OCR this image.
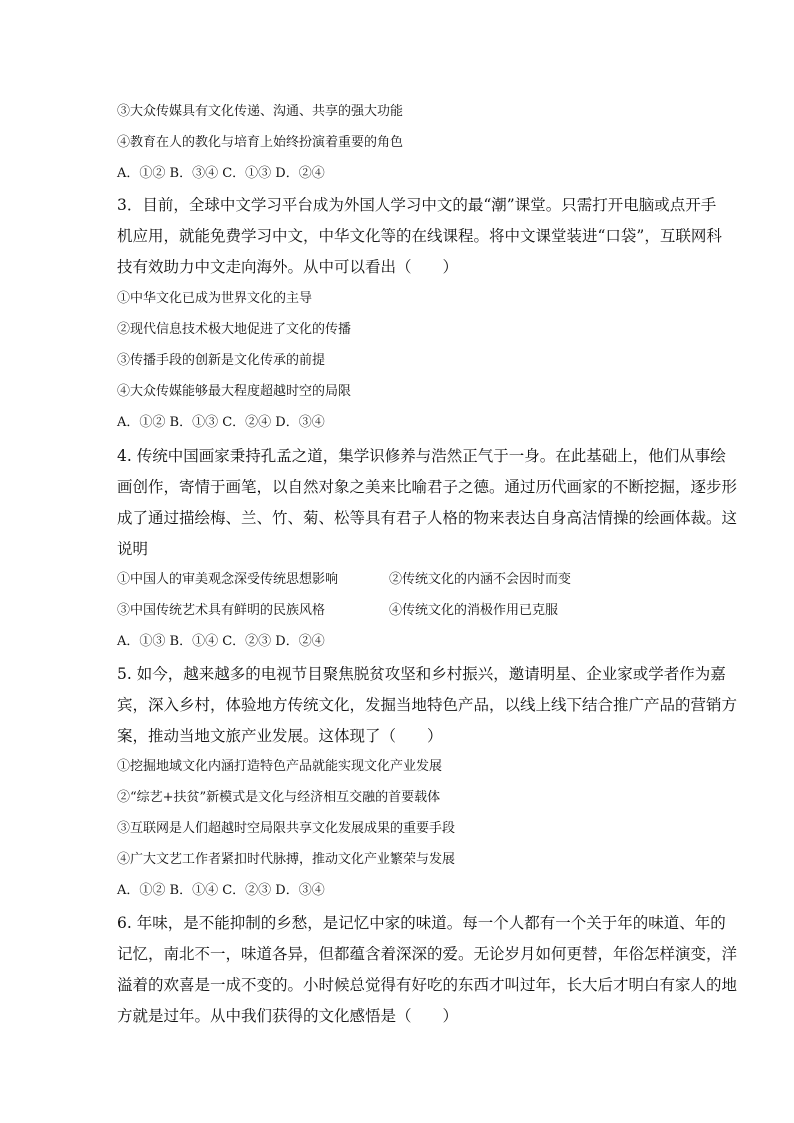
③大众传媒具有文化传递、沟通、共享的强大功能
④教育在人的教化与培育上始终扮演着重要的角色
A．①② B．③④ C．①③ D．②④
3．目前，全球中文学习平台成为外国人学习中文的最“潮”课堂。只需打开电脑或点开手
机应用，就能免费学习中文，中华文化等的在线课程。将中文课堂装进“口袋”，互联网科
技有效助力中文走向海外。从中可以看出（　　）
①中华文化已成为世界文化的主导
②现代信息技术极大地促进了文化的传播
③传播手段的创新是文化传承的前提
④大众传媒能够最大程度超越时空的局限
A．①② B．①③ C．②④ D．③④
4. 传统中国画家秉持孔孟之道，集学识修养与浩然正气于一身。在此基础上，他们从事绘
画创作，寄情于画笔，以自然对象之美来比喻君子之德。通过历代画家的不断挖掘，逐步形
成了通过描绘梅、兰、竹、菊、松等具有君子人格的物来表达自身高洁情操的绘画体裁。这
说明
①中国人的审美观念深受传统思想影响	②传统文化的内涵不会因时而变
③中国传统艺术具有鲜明的民族风格	④传统文化的消极作用已克服
A．①③ B．①④ C．②③ D．②④
5. 如今，越来越多的电视节目聚焦脱贫攻坚和乡村振兴，邀请明星、企业家或学者作为嘉
宾，深入乡村，体验地方传统文化，发掘当地特色产品，以线上线下结合推广产品的营销方
案，推动当地文旅产业发展。这体现了（　　）
①挖掘地域文化内涵打造特色产品就能实现文化产业发展
②“综艺+扶贫”新模式是文化与经济相互交融的首要载体
③互联网是人们超越时空局限共享文化发展成果的重要手段
④广大文艺工作者紧扣时代脉搏，推动文化产业繁荣与发展
A．①② B．①④ C．②③ D．③④
6. 年味，是不能抑制的乡愁，是记忆中家的味道。每一个人都有一个关于年的味道、年的
记忆，南北不一，味道各异，但都蕴含着深深的爱。无论岁月如何更替，年俗怎样演变，洋
溢着的欢喜是一成不变的。小时候总觉得有好吃的东西才叫过年，长大后才明白有家人的地
方就是过年。从中我们获得的文化感悟是（　　）
